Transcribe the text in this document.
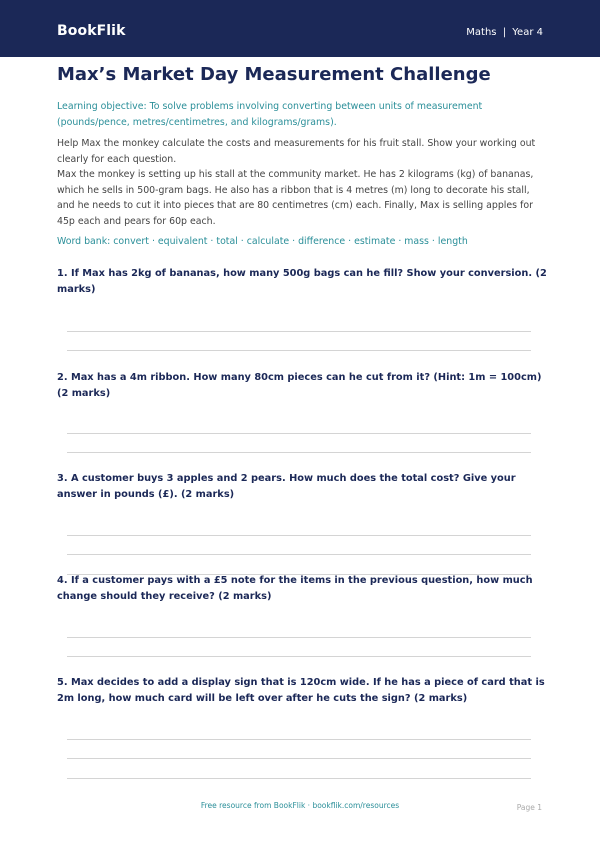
BookFlik	Maths | Year 4
Max’s Market Day Measurement Challenge

Learning objective: To solve problems involving converting between units of measurement (pounds/pence, metres/centimetres, and kilograms/grams).

Help Max the monkey calculate the costs and measurements for his fruit stall. Show your working out clearly for each question.

Max the monkey is setting up his stall at the community market. He has 2 kilograms (kg) of bananas, which he sells in 500-gram bags. He also has a ribbon that is 4 metres (m) long to decorate his stall, and he needs to cut it into pieces that are 80 centimetres (cm) each. Finally, Max is selling apples for 45p each and pears for 60p each.

Word bank: convert · equivalent · total · calculate · difference · estimate · mass · length

1. If Max has 2kg of bananas, how many 500g bags can he fill? Show your conversion. (2 marks)

2. Max has a 4m ribbon. How many 80cm pieces can he cut from it? (Hint: 1m = 100cm) (2 marks)

3. A customer buys 3 apples and 2 pears. How much does the total cost? Give your answer in pounds (£). (2 marks)

4. If a customer pays with a £5 note for the items in the previous question, how much change should they receive? (2 marks)

5. Max decides to add a display sign that is 120cm wide. If he has a piece of card that is 2m long, how much card will be left over after he cuts the sign? (2 marks)

Free resource from BookFlik · bookflik.com/resources	Page 1
